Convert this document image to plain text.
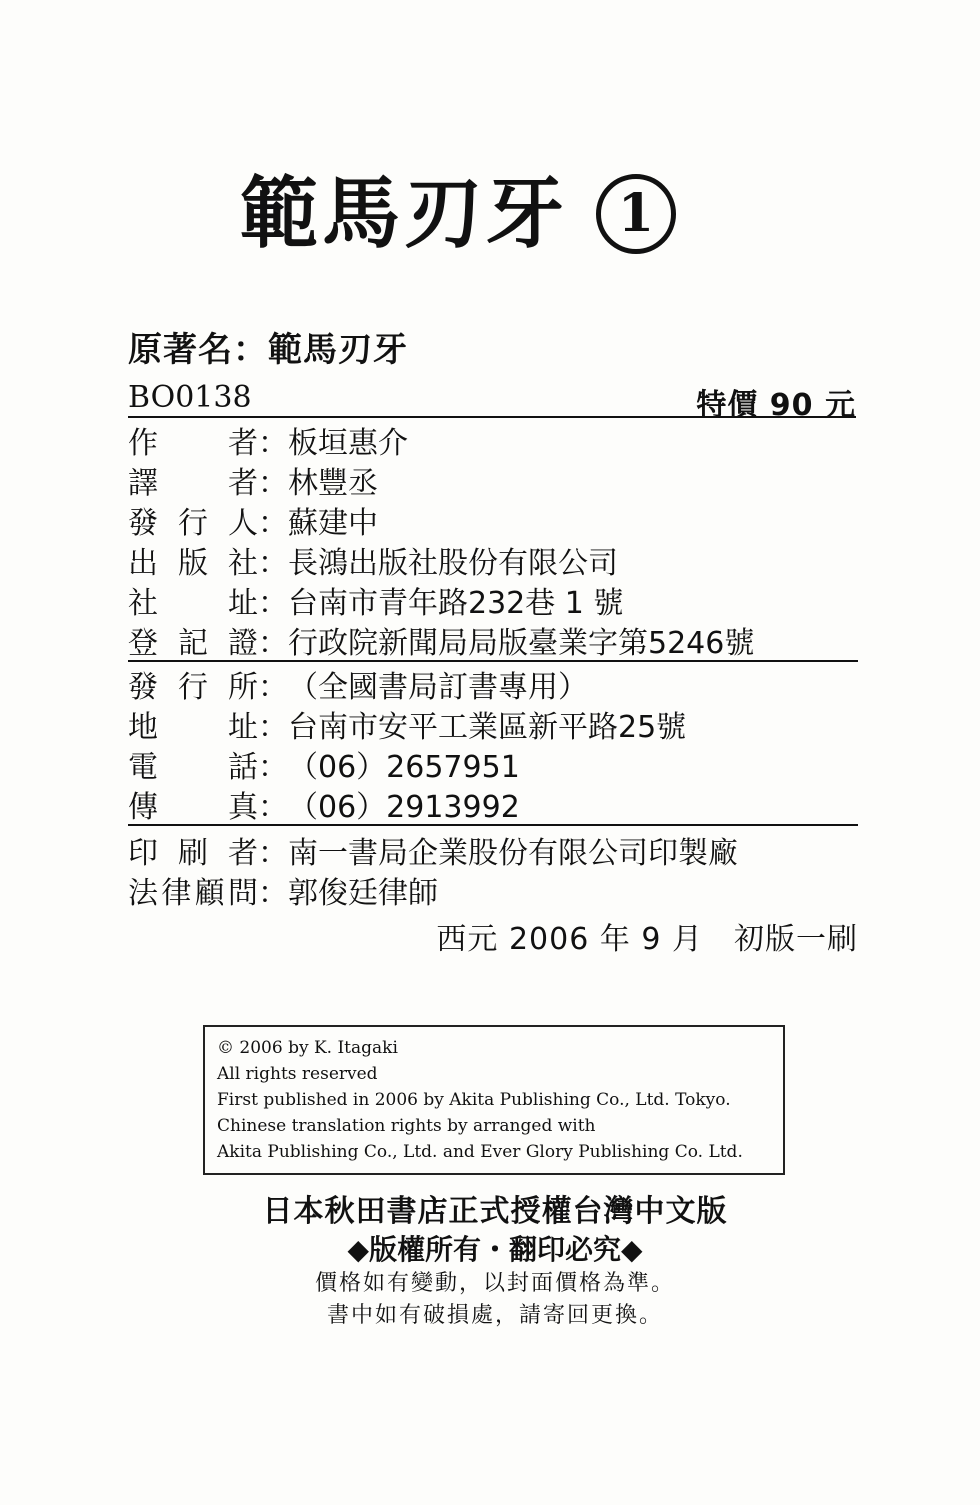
範馬刃牙 1
原著名：範馬刃牙
BO0138	特價 90 元
作 者 ： 板垣惠介
譯 者 ： 林豐丞
發 行 人 ： 蘇建中
出 版 社 ： 長鴻出版社股份有限公司
社 址 ： 台南市青年路232巷 1 號
登 記 證 ： 行政院新聞局局版臺業字第5246號
發 行 所 ： （全國書局訂書專用）
地 址 ： 台南市安平工業區新平路25號
電 話 ： （06）2657951
傳 真 ： （06）2913992
印 刷 者 ： 南一書局企業股份有限公司印製廠
法 律 顧 問 ： 郭俊廷律師
西元 2006 年 9 月　初版一刷
© 2006 by K. Itagaki
All rights reserved
First published in 2006 by Akita Publishing Co., Ltd. Tokyo.
Chinese translation rights by arranged with
Akita Publishing Co., Ltd. and Ever Glory Publishing Co. Ltd.
日本秋田書店正式授權台灣中文版
◆版權所有・翻印必究◆
價格如有變動，以封面價格為準。
書中如有破損處，請寄回更換。
